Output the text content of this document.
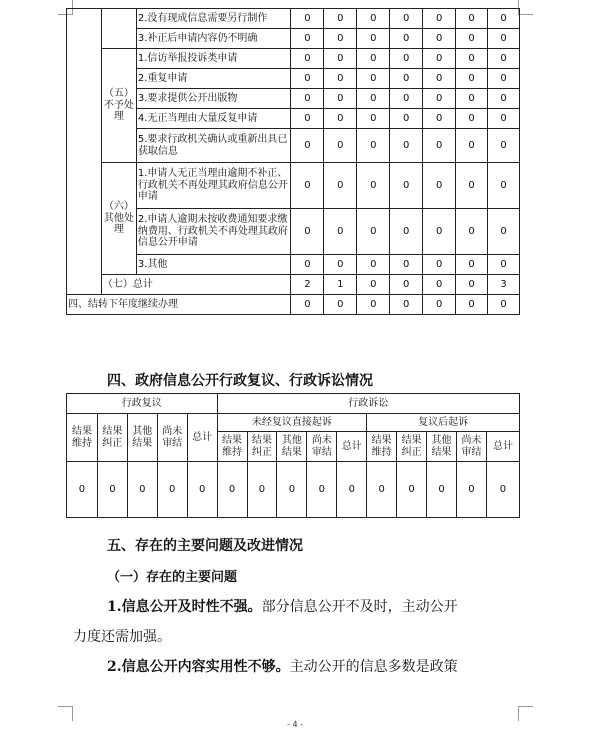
		2.没有现成信息需要另行制作	0	0	0	0	0	0	0
		3.补正后申请内容仍不明确	0	0	0	0	0	0	0
	（五）不予处理	1.信访举报投诉类申请	0	0	0	0	0	0	0
		2.重复申请	0	0	0	0	0	0	0
		3.要求提供公开出版物	0	0	0	0	0	0	0
		4.无正当理由大量反复申请	0	0	0	0	0	0	0
		5.要求行政机关确认或重新出具已获取信息	0	0	0	0	0	0	0
	（六）其他处理	1.申请人无正当理由逾期不补正、行政机关不再处理其政府信息公开申请	0	0	0	0	0	0	0
		2.申请人逾期未按收费通知要求缴纳费用、行政机关不再处理其政府信息公开申请	0	0	0	0	0	0	0
		3.其他	0	0	0	0	0	0	0
	（七）总计		2	1	0	0	0	0	3
四、结转下年度继续办理			0	0	0	0	0	0	0
四、政府信息公开行政复议、行政诉讼情况
行政复议					行政诉讼									
结果维持	结果纠正	其他结果	尚未审结	总计	未经复议直接起诉					复议后起诉				
					结果维持	结果纠正	其他结果	尚未审结	总计	结果维持	结果纠正	其他结果	尚未审结	总计
0	0	0	0	0	0	0	0	0	0	0	0	0	0	0
五、存在的主要问题及改进情况
（一）存在的主要问题
1.信息公开及时性不强。部分信息公开不及时，主动公开
力度还需加强。
2.信息公开内容实用性不够。主动公开的信息多数是政策
- 4 -
